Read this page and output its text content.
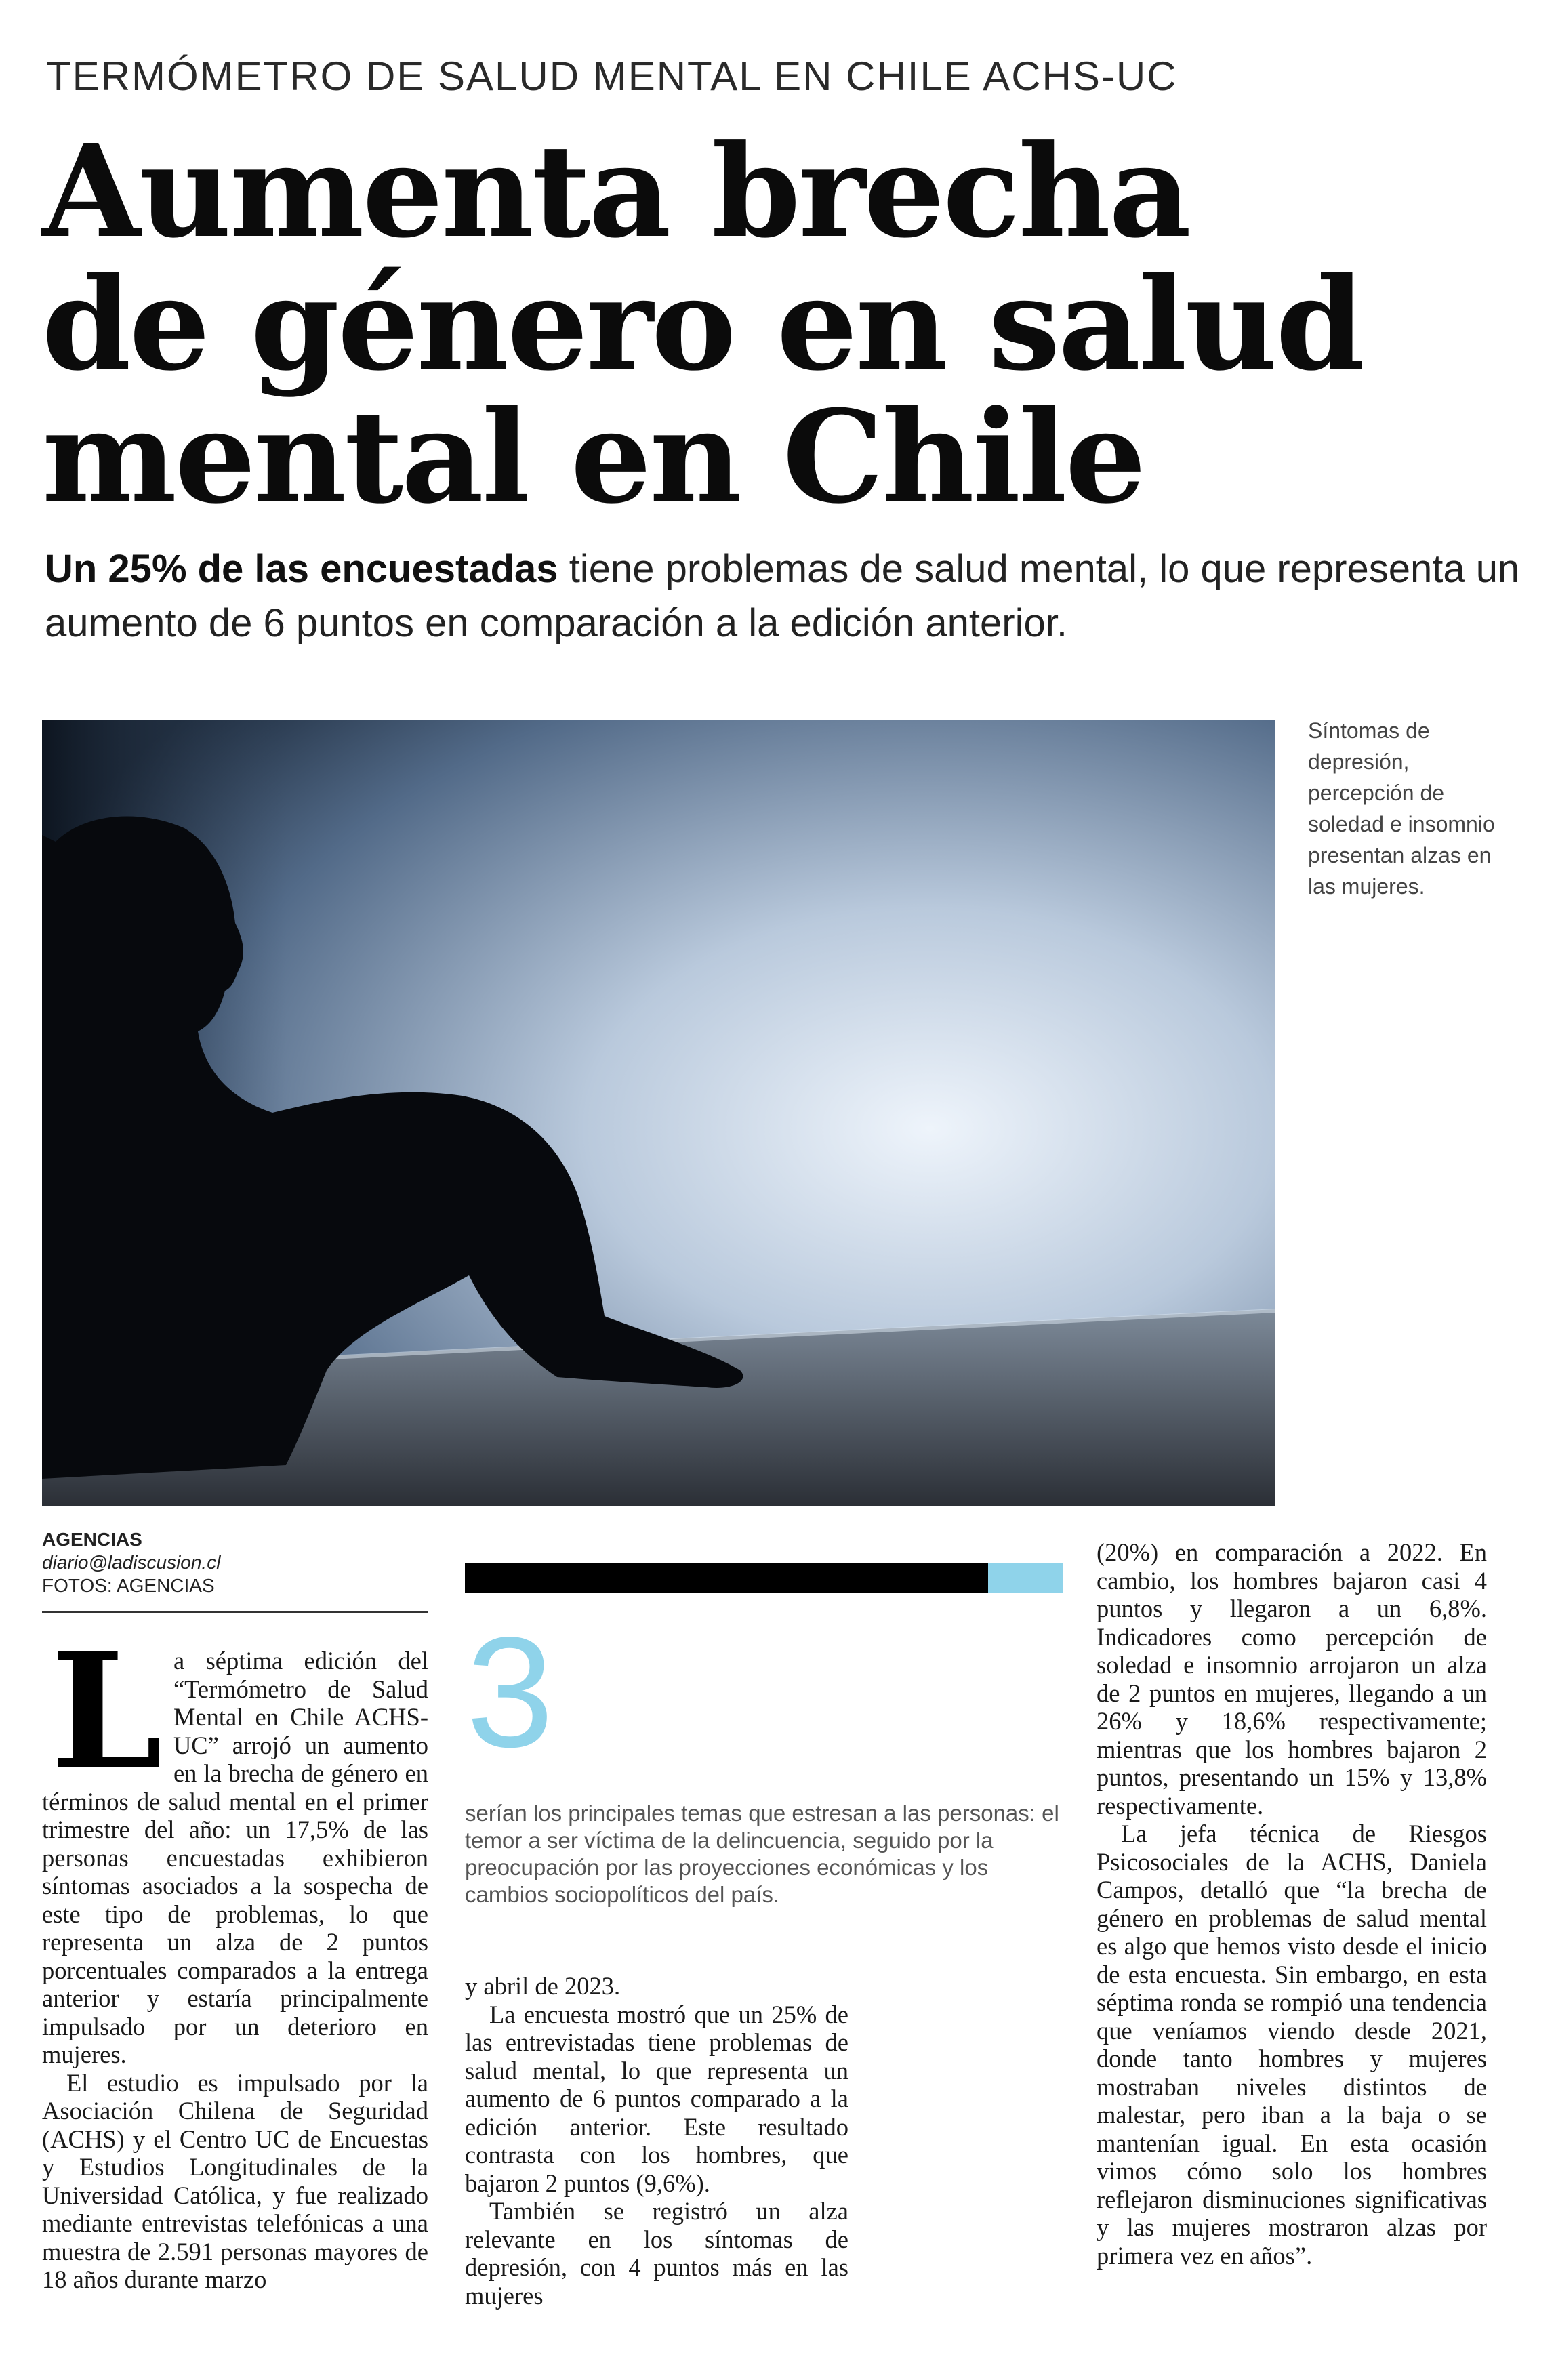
TERMÓMETRO DE SALUD MENTAL EN CHILE ACHS-UC
Aumenta brecha
de género en salud
mental en Chile
Un 25% de las encuestadas tiene problemas de salud mental, lo que representa un aumento de 6 puntos en comparación a la edición anterior.
Síntomas de depresión, percepción de soledad e insomnio presentan alzas en las mujeres.
AGENCIAS
diario@ladiscusion.cl
FOTOS: AGENCIAS

La séptima edición del “Termómetro de Salud Mental en Chile ACHS-UC” arrojó un aumento en la brecha de género en términos de salud mental en el primer trimestre del año: un 17,5% de las personas encuestadas exhibieron síntomas asociados a la sospecha de este tipo de problemas, lo que representa un alza de 2 puntos porcentuales comparados a la entrega anterior y estaría principalmente impulsado por un deterioro en mujeres.

El estudio es impulsado por la Asociación Chilena de Seguridad (ACHS) y el Centro UC de Encuestas y Estudios Longitudinales de la Universidad Católica, y fue realizado mediante entrevistas telefónicas a una muestra de 2.591 personas mayores de 18 años durante marzo

3
serían los principales temas que estresan a las personas: el temor a ser víctima de la delincuencia, seguido por la preocupación por las proyecciones económicas y los cambios sociopolíticos del país.

y abril de 2023.

La encuesta mostró que un 25% de las entrevistadas tiene problemas de salud mental, lo que representa un aumento de 6 puntos comparado a la edición anterior. Este resultado contrasta con los hombres, que bajaron 2 puntos (9,6%).

También se registró un alza relevante en los síntomas de depresión, con 4 puntos más en las mujeres

(20%) en comparación a 2022. En cambio, los hombres bajaron casi 4 puntos y llegaron a un 6,8%. Indicadores como percepción de soledad e insomnio arrojaron un alza de 2 puntos en mujeres, llegando a un 26% y 18,6% respectivamente; mientras que los hombres bajaron 2 puntos, presentando un 15% y 13,8% respectivamente.

La jefa técnica de Riesgos Psicosociales de la ACHS, Daniela Campos, detalló que “la brecha de género en problemas de salud mental es algo que hemos visto desde el inicio de esta encuesta. Sin embargo, en esta séptima ronda se rompió una tendencia que veníamos viendo desde 2021, donde tanto hombres y mujeres mostraban niveles distintos de malestar, pero iban a la baja o se mantenían igual. En esta ocasión vimos cómo solo los hombres reflejaron disminuciones significativas y las mujeres mostraron alzas por primera vez en años”.
